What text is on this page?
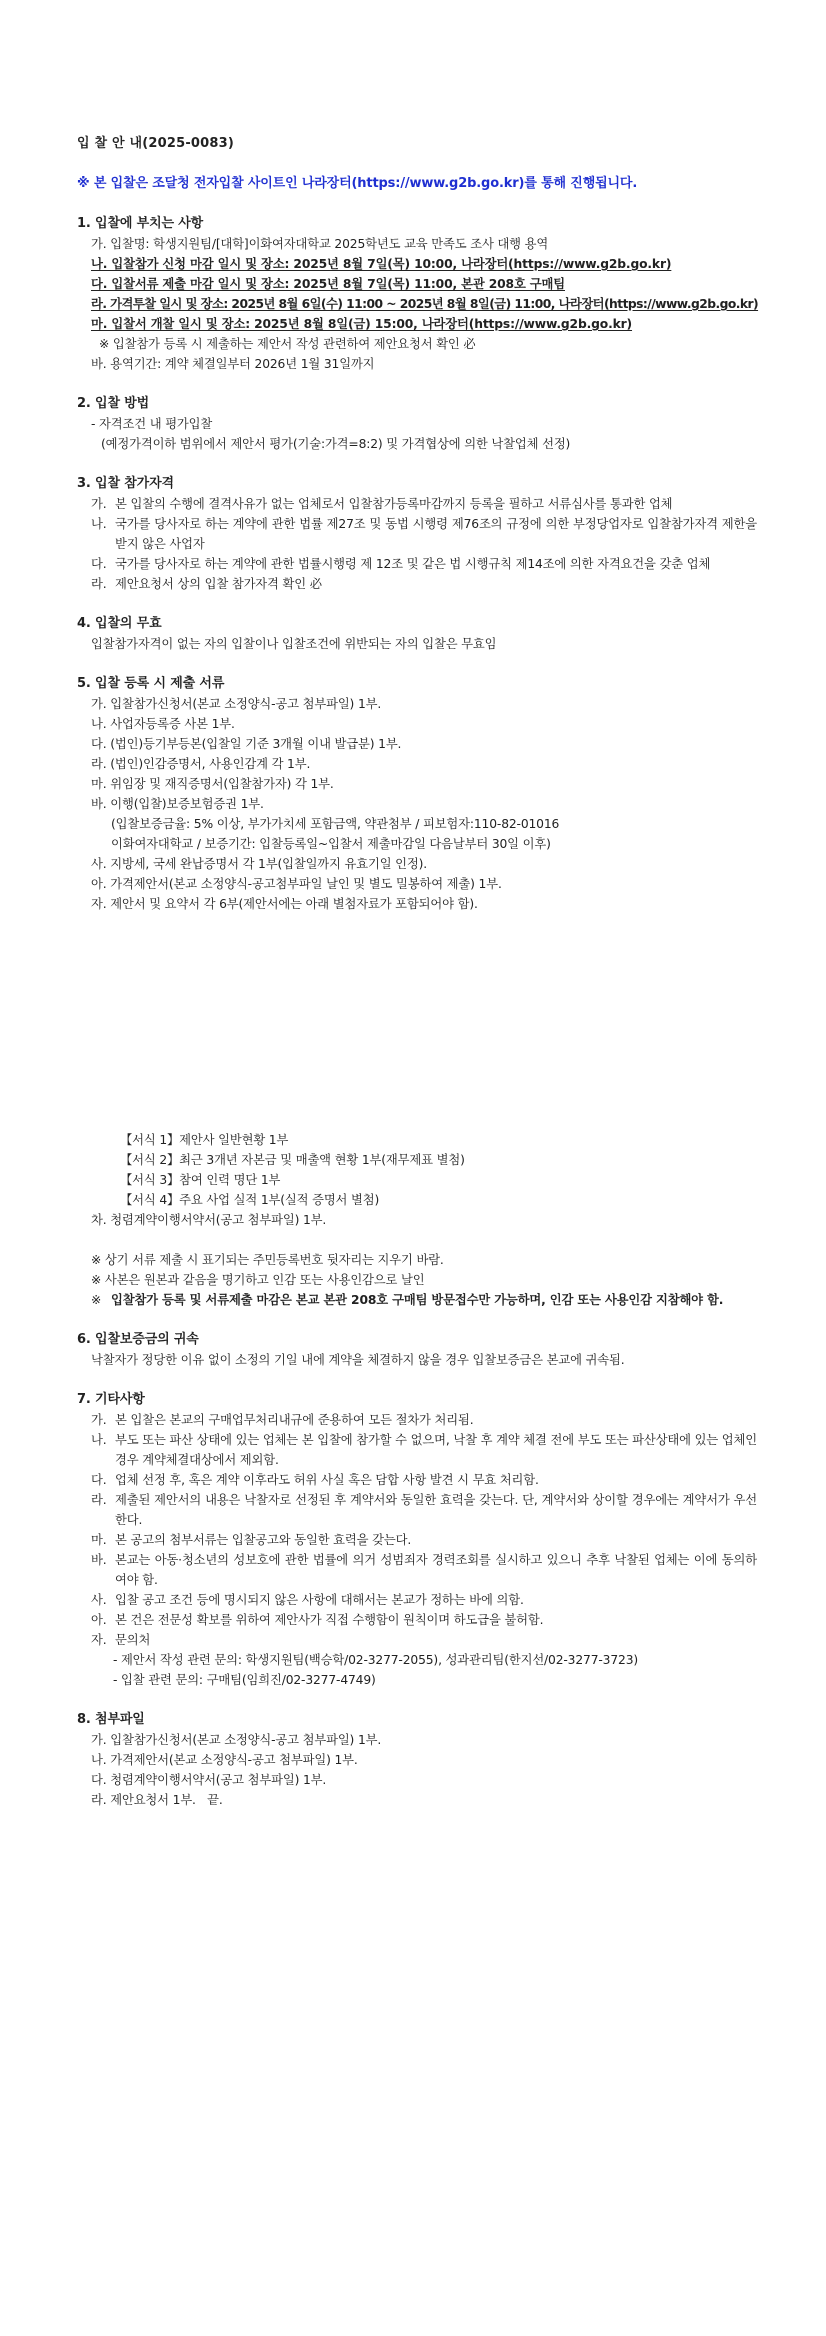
입 찰 안 내(2025-0083)
※ 본 입찰은 조달청 전자입찰 사이트인 나라장터(https://www.g2b.go.kr)를 통해 진행됩니다.
1. 입찰에 부치는 사항
가. 입찰명: 학생지원팀/[대학]이화여자대학교 2025학년도 교육 만족도 조사 대행 용역
나. 입찰참가 신청 마감 일시 및 장소: 2025년 8월 7일(목) 10:00, 나라장터(https://www.g2b.go.kr)
다. 입찰서류 제출 마감 일시 및 장소: 2025년 8월 7일(목) 11:00, 본관 208호 구매팀
라. 가격투찰 일시 및 장소: 2025년 8월 6일(수) 11:00 ~ 2025년 8월 8일(금) 11:00, 나라장터(https://www.g2b.go.kr)
마. 입찰서 개찰 일시 및 장소: 2025년 8월 8일(금) 15:00, 나라장터(https://www.g2b.go.kr)
※ 입찰참가 등록 시 제출하는 제안서 작성 관련하여 제안요청서 확인 必
바. 용역기간: 계약 체결일부터 2026년 1월 31일까지
2. 입찰 방법
- 자격조건 내 평가입찰
(예정가격이하 범위에서 제안서 평가(기술:가격=8:2) 및 가격협상에 의한 낙찰업체 선정)
3. 입찰 참가자격
가. 본 입찰의 수행에 결격사유가 없는 업체로서 입찰참가등록마감까지 등록을 필하고 서류심사를 통과한 업체
나. 국가를 당사자로 하는 계약에 관한 법률 제27조 및 동법 시행령 제76조의 규정에 의한 부정당업자로 입찰참가자격 제한을 받지 않은 사업자
다. 국가를 당사자로 하는 계약에 관한 법률시행령 제 12조 및 같은 법 시행규칙 제14조에 의한 자격요건을 갖춘 업체
라. 제안요청서 상의 입찰 참가자격 확인 必
4. 입찰의 무효
입찰참가자격이 없는 자의 입찰이나 입찰조건에 위반되는 자의 입찰은 무효임
5. 입찰 등록 시 제출 서류
가. 입찰참가신청서(본교 소정양식-공고 첨부파일) 1부.
나. 사업자등록증 사본 1부.
다. (법인)등기부등본(입찰일 기준 3개월 이내 발급분) 1부.
라. (법인)인감증명서, 사용인감계 각 1부.
마. 위임장 및 재직증명서(입찰참가자) 각 1부.
바. 이행(입찰)보증보험증권 1부.
(입찰보증금율: 5% 이상, 부가가치세 포함금액, 약관첨부 / 피보험자:110-82-01016
이화여자대학교 / 보증기간: 입찰등록일~입찰서 제출마감일 다음날부터 30일 이후)
사. 지방세, 국세 완납증명서 각 1부(입찰일까지 유효기일 인정).
아. 가격제안서(본교 소정양식-공고첨부파일 날인 및 별도 밀봉하여 제출) 1부.
자. 제안서 및 요약서 각 6부(제안서에는 아래 별첨자료가 포함되어야 함).
【서식 1】제안사 일반현황 1부
【서식 2】최근 3개년 자본금 및 매출액 현황 1부(재무제표 별첨)
【서식 3】참여 인력 명단 1부
【서식 4】주요 사업 실적 1부(실적 증명서 별첨)
차. 청렴계약이행서약서(공고 첨부파일) 1부.
※ 상기 서류 제출 시 표기되는 주민등록번호 뒷자리는 지우기 바람.
※ 사본은 원본과 같음을 명기하고 인감 또는 사용인감으로 날인
※ 입찰참가 등록 및 서류제출 마감은 본교 본관 208호 구매팀 방문접수만 가능하며, 인감 또는 사용인감 지참해야 함.
6. 입찰보증금의 귀속
낙찰자가 정당한 이유 없이 소정의 기일 내에 계약을 체결하지 않을 경우 입찰보증금은 본교에 귀속됨.
7. 기타사항
가. 본 입찰은 본교의 구매업무처리내규에 준용하여 모든 절차가 처리됨.
나. 부도 또는 파산 상태에 있는 업체는 본 입찰에 참가할 수 없으며, 낙찰 후 계약 체결 전에 부도 또는 파산상태에 있는 업체인 경우 계약체결대상에서 제외함.
다. 업체 선정 후, 혹은 계약 이후라도 허위 사실 혹은 담합 사항 발견 시 무효 처리함.
라. 제출된 제안서의 내용은 낙찰자로 선정된 후 계약서와 동일한 효력을 갖는다. 단, 계약서와 상이할 경우에는 계약서가 우선한다.
마. 본 공고의 첨부서류는 입찰공고와 동일한 효력을 갖는다.
바. 본교는 아동·청소년의 성보호에 관한 법률에 의거 성범죄자 경력조회를 실시하고 있으니 추후 낙찰된 업체는 이에 동의하여야 함.
사. 입찰 공고 조건 등에 명시되지 않은 사항에 대해서는 본교가 정하는 바에 의함.
아. 본 건은 전문성 확보를 위하여 제안사가 직접 수행함이 원칙이며 하도급을 불허함.
자. 문의처
- 제안서 작성 관련 문의: 학생지원팀(백승학/02-3277-2055), 성과관리팀(한지선/02-3277-3723)
- 입찰 관련 문의: 구매팀(임희진/02-3277-4749)
8. 첨부파일
가. 입찰참가신청서(본교 소정양식-공고 첨부파일) 1부.
나. 가격제안서(본교 소정양식-공고 첨부파일) 1부.
다. 청렴계약이행서약서(공고 첨부파일) 1부.
라. 제안요청서 1부.   끝.
